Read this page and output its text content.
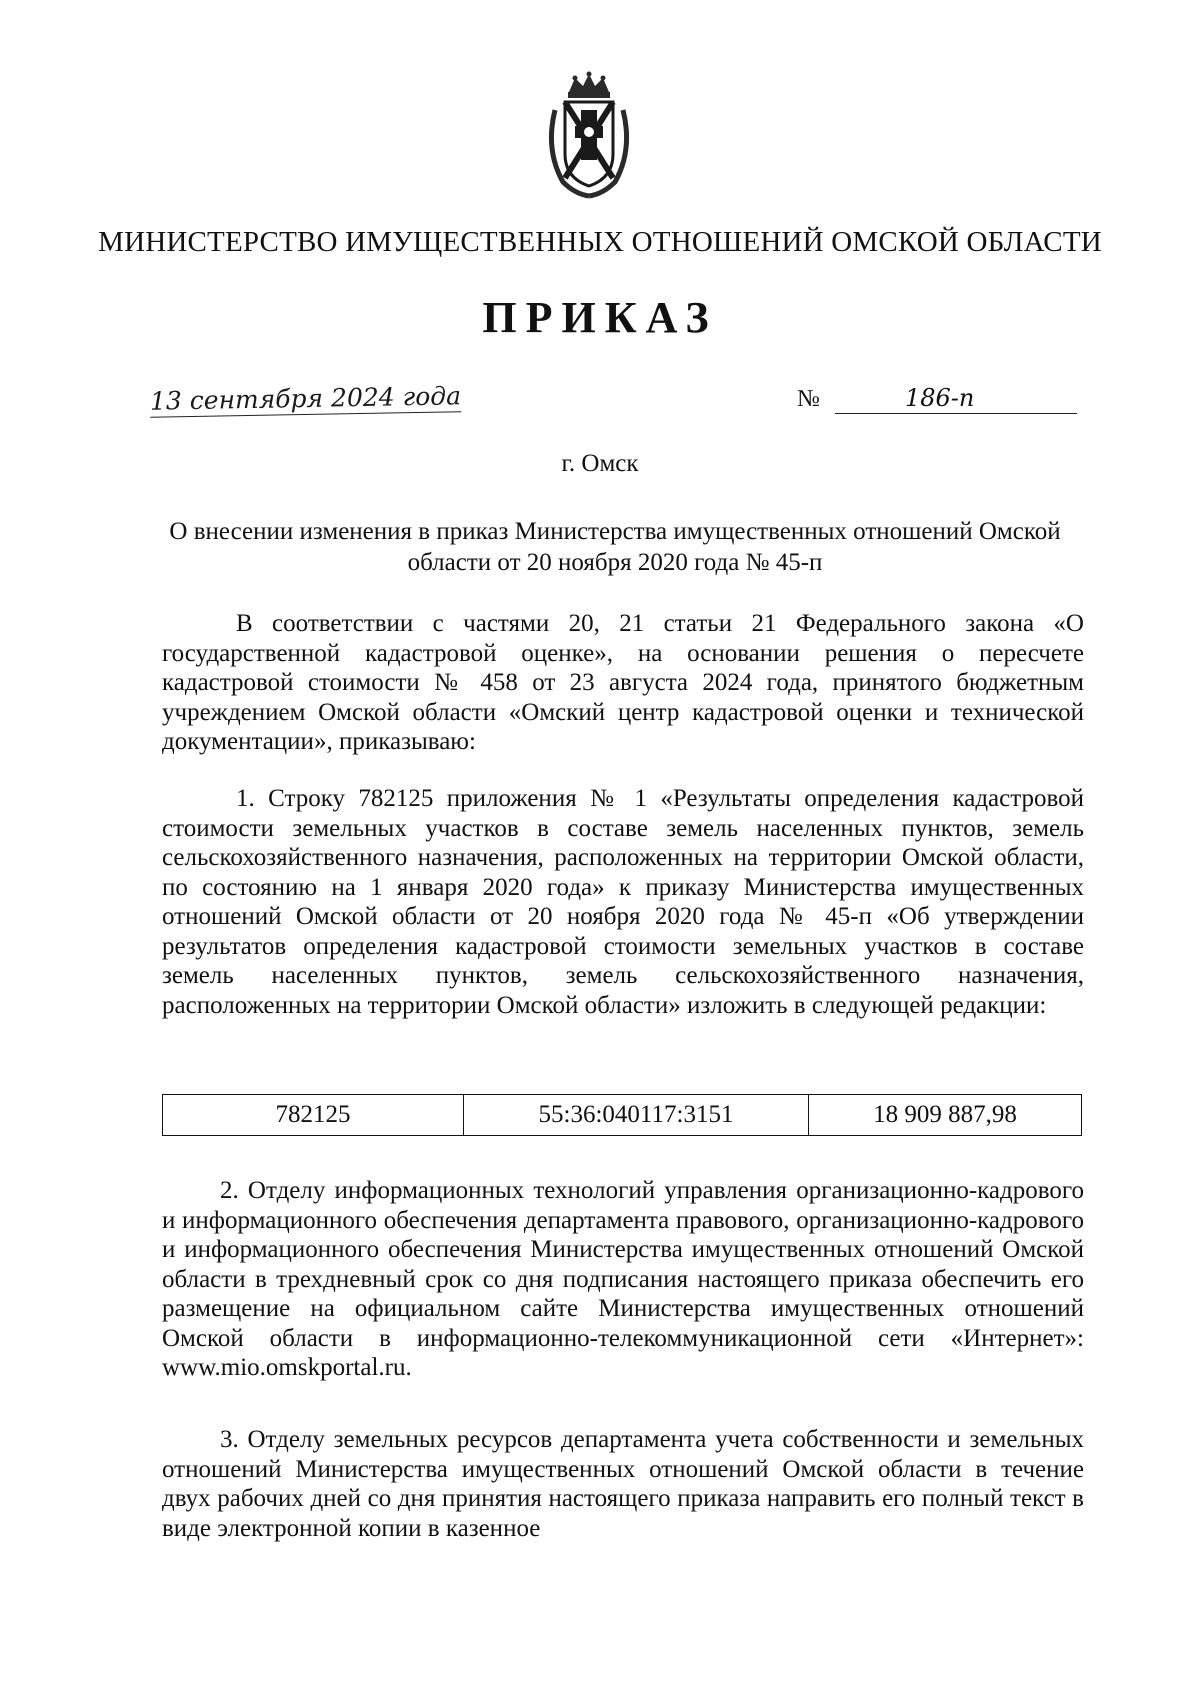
МИНИСТЕРСТВО ИМУЩЕСТВЕННЫХ ОТНОШЕНИЙ ОМСКОЙ ОБЛАСТИ
ПРИКАЗ
13 сентября 2024 года	№	186-п
г. Омск
О внесении изменения в приказ Министерства имущественных отношений Омской области от 20 ноября 2020 года № 45-п
В соответствии с частями 20, 21 статьи 21 Федерального закона «О государственной кадастровой оценке», на основании решения о пересчете кадастровой стоимости № 458 от 23 августа 2024 года, принятого бюджетным учреждением Омской области «Омский центр кадастровой оценки и технической документации», приказываю:
1. Строку 782125 приложения № 1 «Результаты определения кадастровой стоимости земельных участков в составе земель населенных пунктов, земель сельскохозяйственного назначения, расположенных на территории Омской области, по состоянию на 1 января 2020 года» к приказу Министерства имущественных отношений Омской области от 20 ноября 2020 года № 45-п «Об утверждении результатов определения кадастровой стоимости земельных участков в составе земель населенных пунктов, земель сельскохозяйственного назначения, расположенных на территории Омской области» изложить в следующей редакции:
782125	55:36:040117:3151	18 909 887,98
2. Отделу информационных технологий управления организационно-кадрового и информационного обеспечения департамента правового, организационно-кадрового и информационного обеспечения Министерства имущественных отношений Омской области в трехдневный срок со дня подписания настоящего приказа обеспечить его размещение на официальном сайте Министерства имущественных отношений Омской области в информационно-телекоммуникационной сети «Интернет»: www.mio.omskportal.ru.
3. Отделу земельных ресурсов департамента учета собственности и земельных отношений Министерства имущественных отношений Омской области в течение двух рабочих дней со дня принятия настоящего приказа направить его полный текст в виде электронной копии в казенное
